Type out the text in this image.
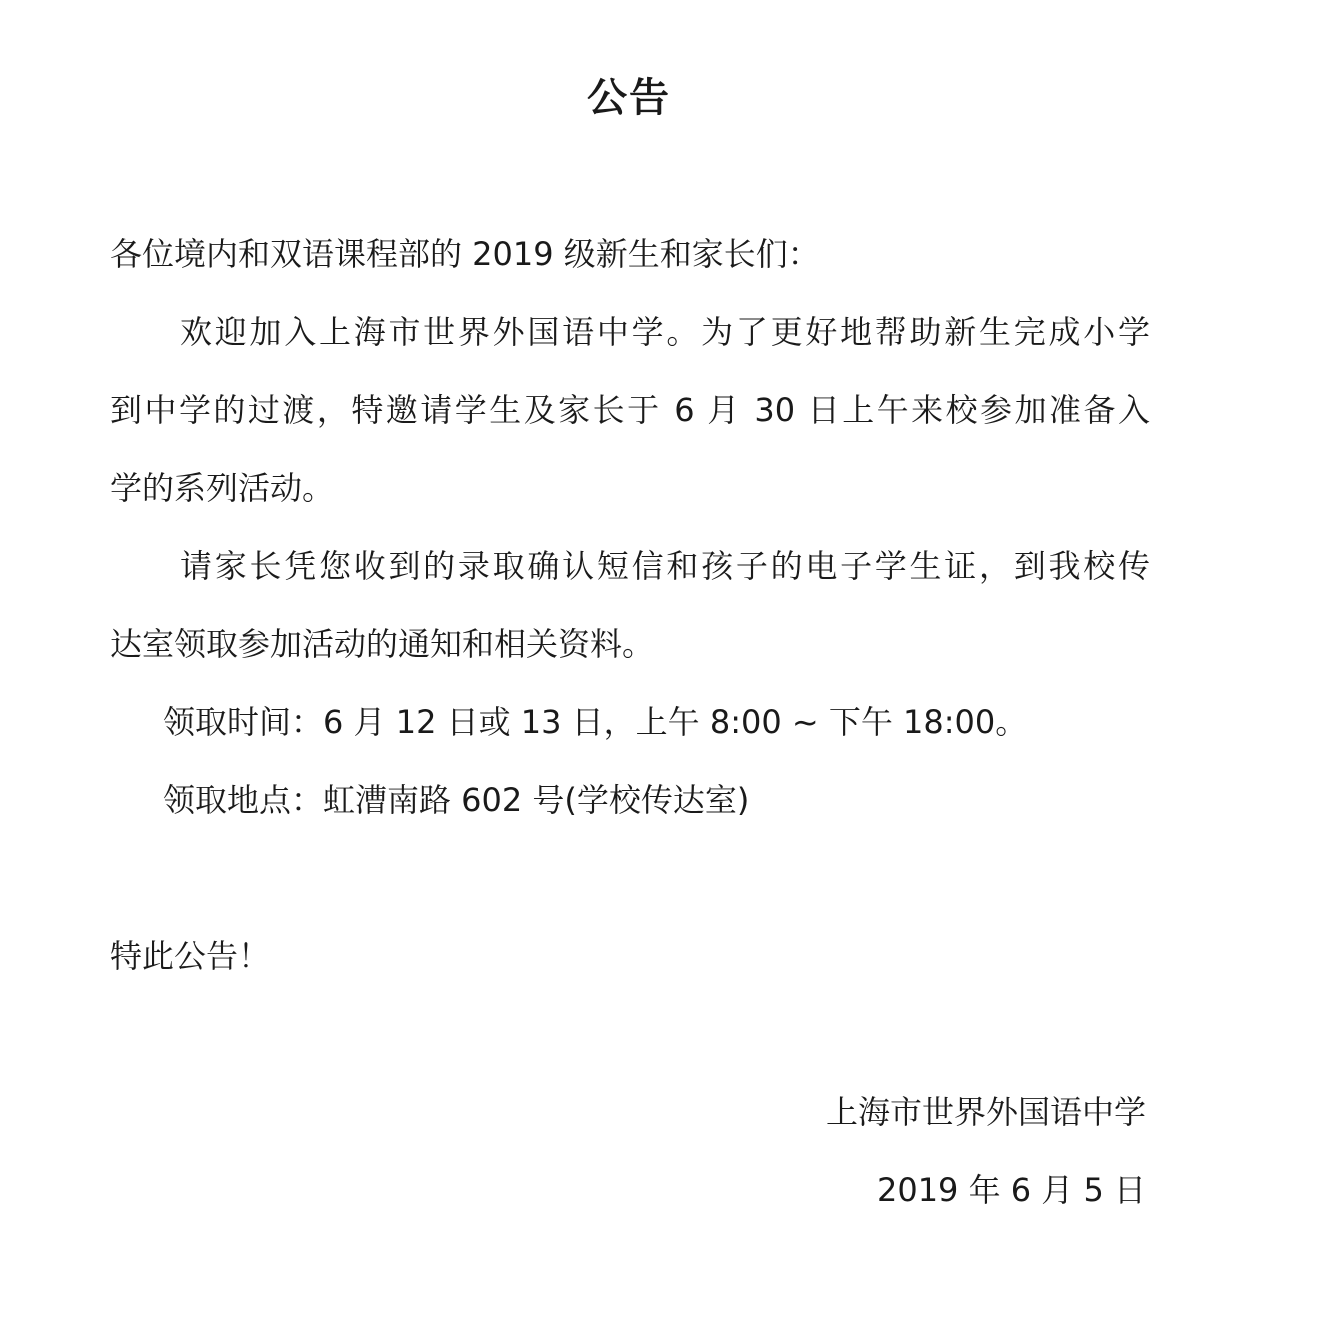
公告
各位境内和双语课程部的 2019 级新生和家长们：
欢迎加入上海市世界外国语中学。为了更好地帮助新生完成小学
到中学的过渡，特邀请学生及家长于 6 月 30 日上午来校参加准备入
学的系列活动。
请家长凭您收到的录取确认短信和孩子的电子学生证，到我校传
达室领取参加活动的通知和相关资料。
领取时间：6 月 12 日或 13 日，上午 8:00 ~ 下午 18:00。
领取地点：虹漕南路 602 号(学校传达室)
特此公告！
上海市世界外国语中学
2019 年 6 月 5 日
